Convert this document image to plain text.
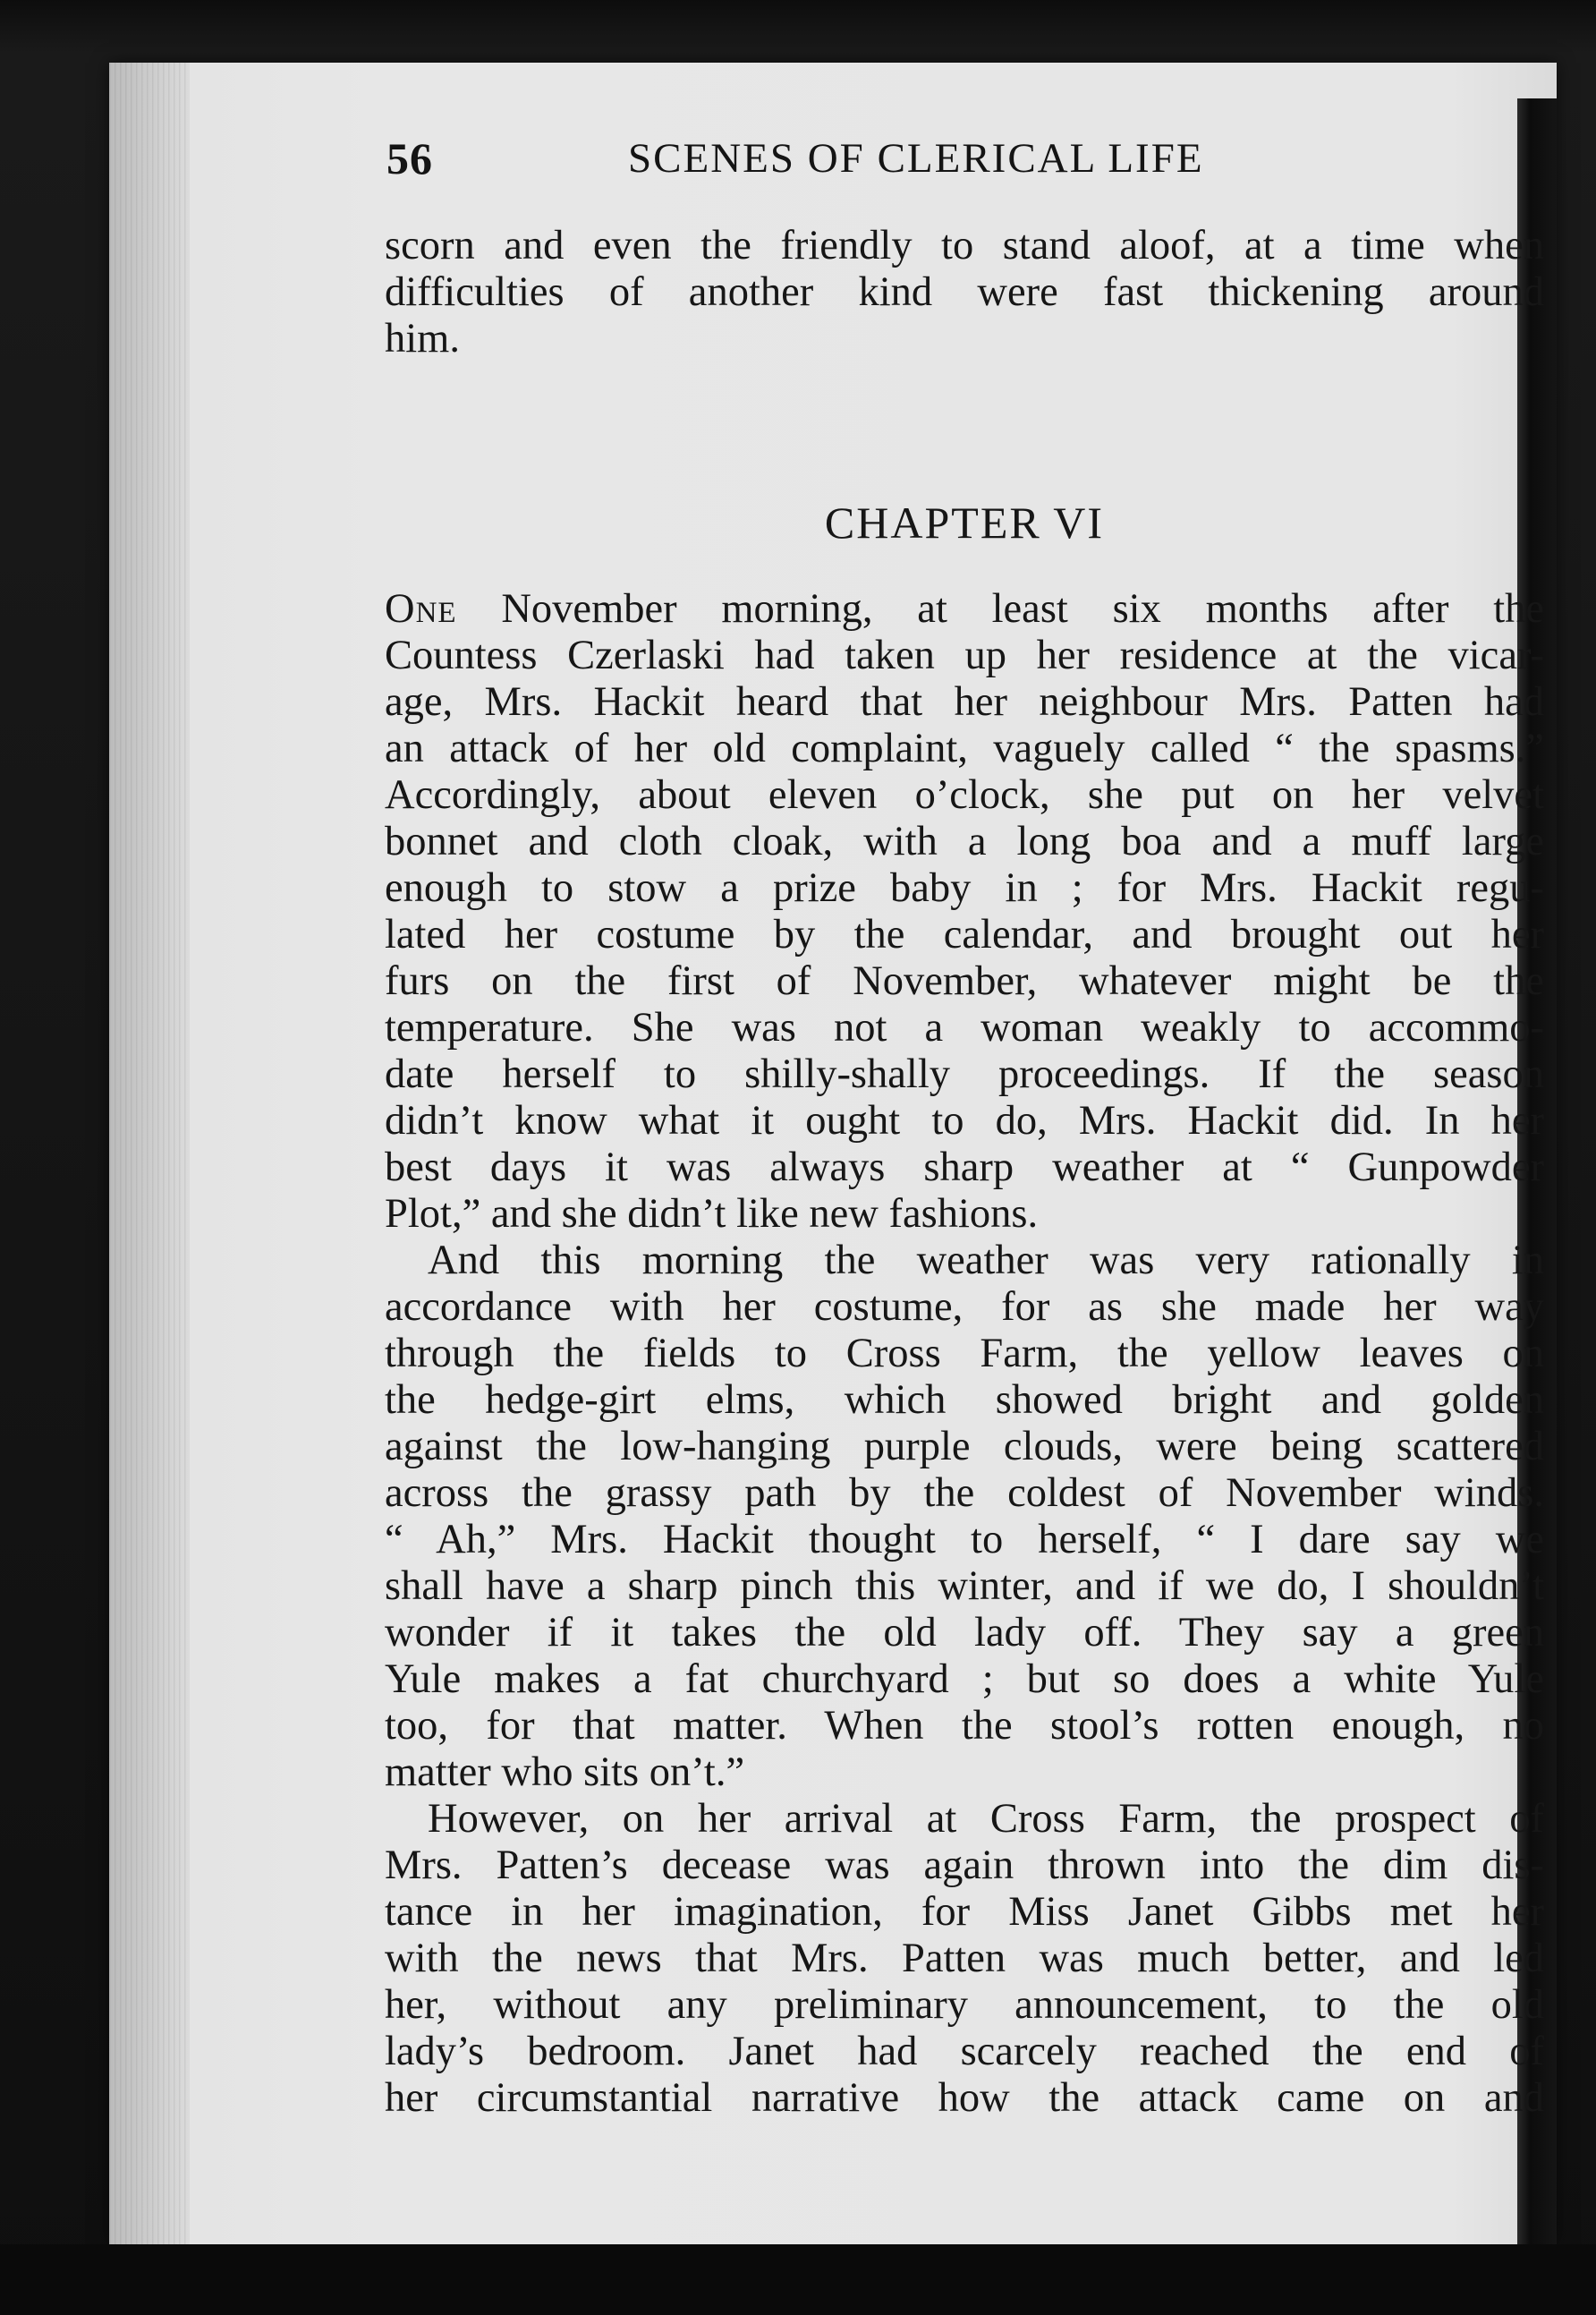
56	SCENES OF CLERICAL LIFE
scorn and even the friendly to stand aloof, at a time when
difficulties of another kind were fast thickening around
him.
CHAPTER VI
One November morning, at least six months after the
Countess Czerlaski had taken up her residence at the vicar-
age, Mrs. Hackit heard that her neighbour Mrs. Patten had
an attack of her old complaint, vaguely called “ the spasms.”
Accordingly, about eleven o’clock, she put on her velvet
bonnet and cloth cloak, with a long boa and a muff large
enough to stow a prize baby in ; for Mrs. Hackit regu-
lated her costume by the calendar, and brought out her
furs on the first of November, whatever might be the
temperature. She was not a woman weakly to accommo-
date herself to shilly-shally proceedings. If the season
didn’t know what it ought to do, Mrs. Hackit did. In her
best days it was always sharp weather at “ Gunpowder
Plot,” and she didn’t like new fashions.
And this morning the weather was very rationally in
accordance with her costume, for as she made her way
through the fields to Cross Farm, the yellow leaves on
the hedge-girt elms, which showed bright and golden
against the low-hanging purple clouds, were being scattered
across the grassy path by the coldest of November winds.
“ Ah,” Mrs. Hackit thought to herself, “ I dare say we
shall have a sharp pinch this winter, and if we do, I shouldn’t
wonder if it takes the old lady off. They say a green
Yule makes a fat churchyard ; but so does a white Yule
too, for that matter. When the stool’s rotten enough, no
matter who sits on’t.”
However, on her arrival at Cross Farm, the prospect of
Mrs. Patten’s decease was again thrown into the dim dis-
tance in her imagination, for Miss Janet Gibbs met her
with the news that Mrs. Patten was much better, and led
her, without any preliminary announcement, to the old
lady’s bedroom. Janet had scarcely reached the end of
her circumstantial narrative how the attack came on and
